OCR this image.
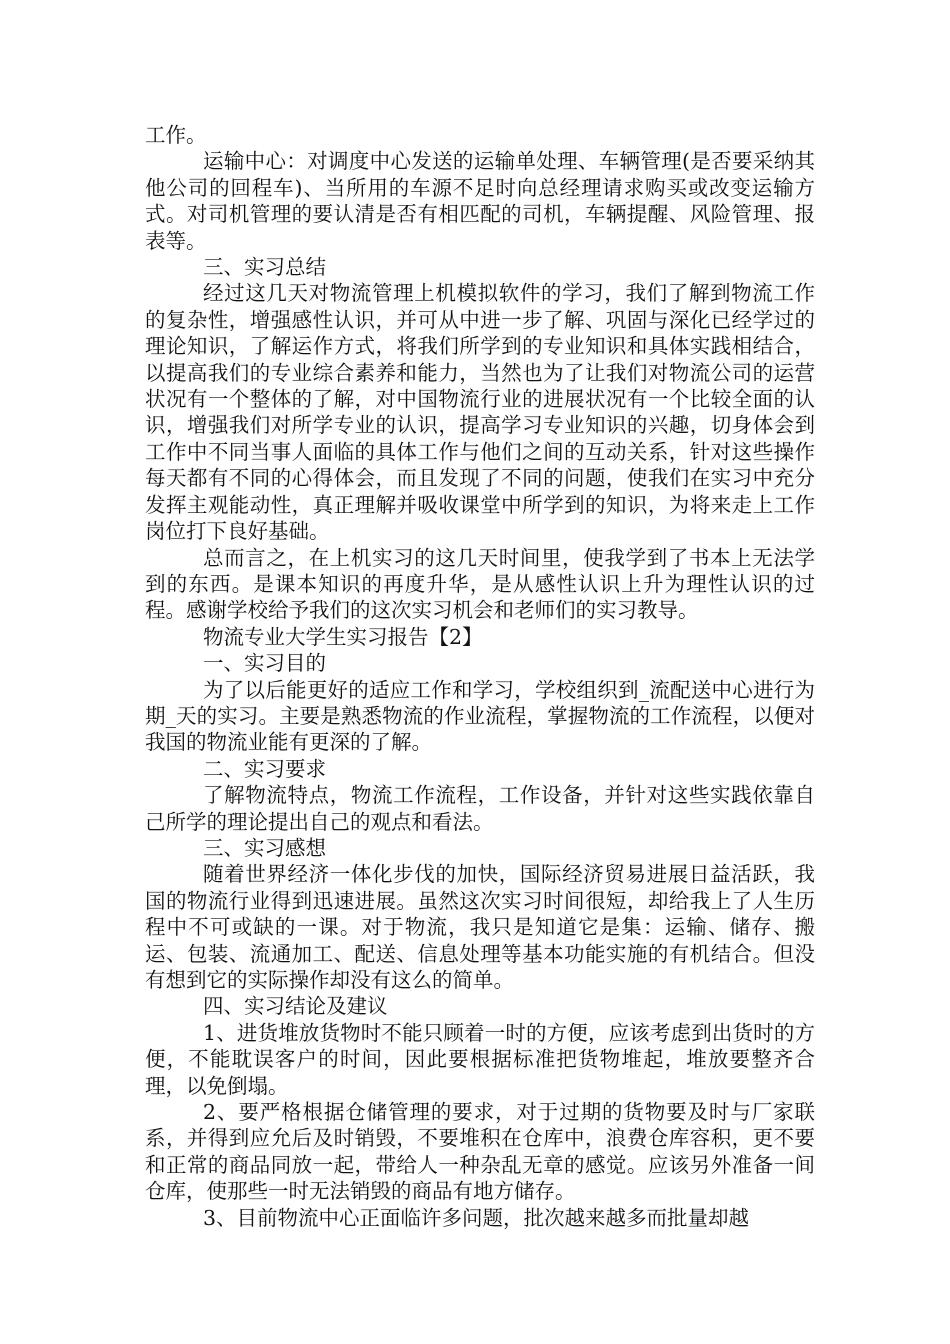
工作。

运输中心：对调度中心发送的运输单处理、车辆管理(是否要采纳其他公司的回程车)、当所用的车源不足时向总经理请求购买或改变运输方式。对司机管理的要认清是否有相匹配的司机，车辆提醒、风险管理、报表等。

三、实习总结

经过这几天对物流管理上机模拟软件的学习，我们了解到物流工作的复杂性，增强感性认识，并可从中进一步了解、巩固与深化已经学过的理论知识，了解运作方式，将我们所学到的专业知识和具体实践相结合，以提高我们的专业综合素养和能力，当然也为了让我们对物流公司的运营状况有一个整体的了解，对中国物流行业的进展状况有一个比较全面的认识，增强我们对所学专业的认识，提高学习专业知识的兴趣，切身体会到工作中不同当事人面临的具体工作与他们之间的互动关系，针对这些操作每天都有不同的心得体会，而且发现了不同的问题，使我们在实习中充分发挥主观能动性，真正理解并吸收课堂中所学到的知识，为将来走上工作岗位打下良好基础。

总而言之，在上机实习的这几天时间里，使我学到了书本上无法学到的东西。是课本知识的再度升华，是从感性认识上升为理性认识的过程。感谢学校给予我们的这次实习机会和老师们的实习教导。

物流专业大学生实习报告【2】

一、实习目的

为了以后能更好的适应工作和学习，学校组织到_流配送中心进行为期_天的实习。主要是熟悉物流的作业流程，掌握物流的工作流程，以便对我国的物流业能有更深的了解。

二、实习要求

了解物流特点，物流工作流程，工作设备，并针对这些实践依靠自己所学的理论提出自己的观点和看法。

三、实习感想

随着世界经济一体化步伐的加快，国际经济贸易进展日益活跃，我国的物流行业得到迅速进展。虽然这次实习时间很短，却给我上了人生历程中不可或缺的一课。对于物流，我只是知道它是集：运输、储存、搬运、包装、流通加工、配送、信息处理等基本功能实施的有机结合。但没有想到它的实际操作却没有这么的简单。

四、实习结论及建议

1、进货堆放货物时不能只顾着一时的方便，应该考虑到出货时的方便，不能耽误客户的时间，因此要根据标准把货物堆起，堆放要整齐合理，以免倒塌。

2、要严格根据仓储管理的要求，对于过期的货物要及时与厂家联系，并得到应允后及时销毁，不要堆积在仓库中，浪费仓库容积，更不要和正常的商品同放一起，带给人一种杂乱无章的感觉。应该另外准备一间仓库，使那些一时无法销毁的商品有地方储存。

3、目前物流中心正面临许多问题，批次越来越多而批量却越
